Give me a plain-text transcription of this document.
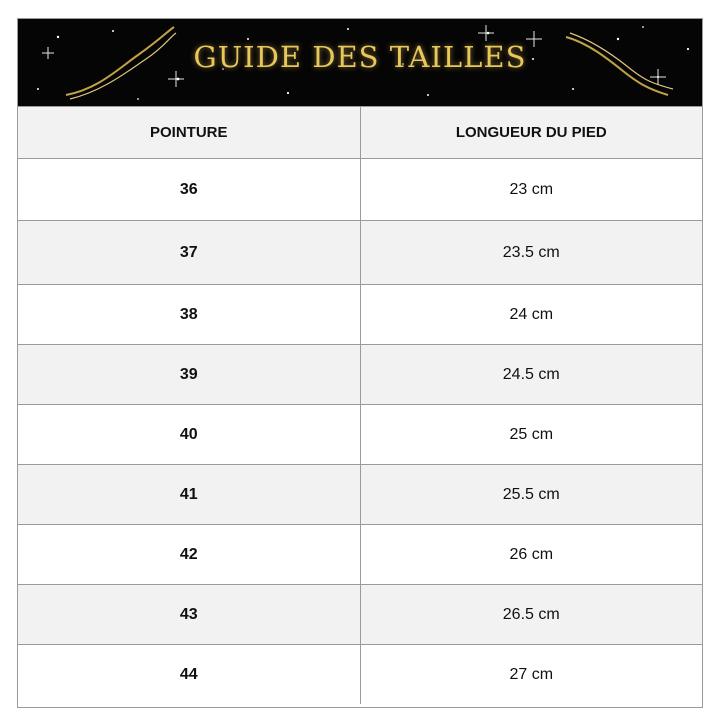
GUIDE DES TAILLES
POINTURE	LONGUEUR DU PIED
36	23 cm
37	23.5 cm
38	24 cm
39	24.5 cm
40	25 cm
41	25.5 cm
42	26 cm
43	26.5 cm
44	27 cm
